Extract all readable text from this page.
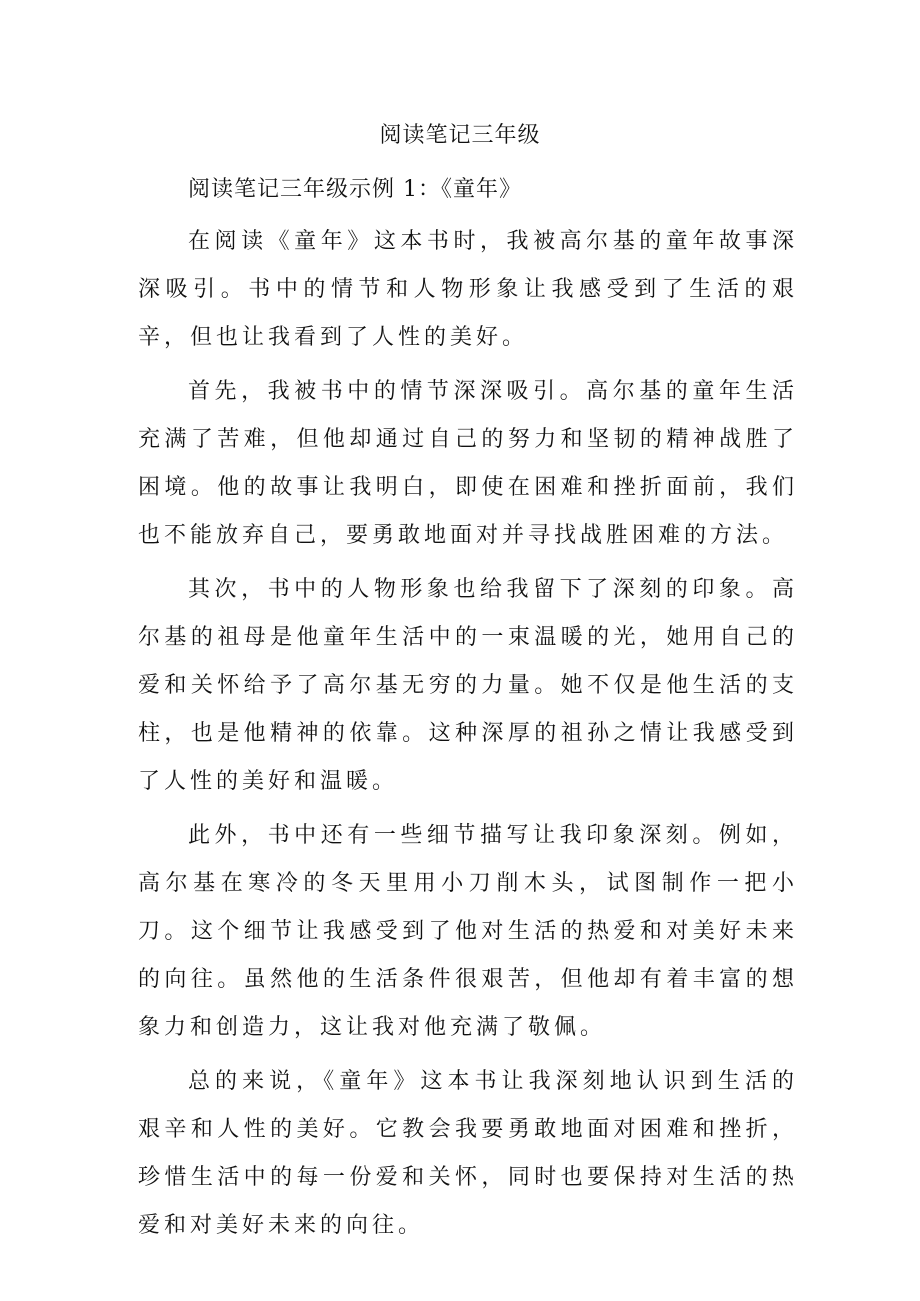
阅读笔记三年级
阅读笔记三年级示例 1：《童年》

在阅读《童年》这本书时，我被高尔基的童年故事深深吸引。书中的情节和人物形象让我感受到了生活的艰辛，但也让我看到了人性的美好。

首先，我被书中的情节深深吸引。高尔基的童年生活充满了苦难，但他却通过自己的努力和坚韧的精神战胜了困境。他的故事让我明白，即使在困难和挫折面前，我们也不能放弃自己，要勇敢地面对并寻找战胜困难的方法。

其次，书中的人物形象也给我留下了深刻的印象。高尔基的祖母是他童年生活中的一束温暖的光，她用自己的爱和关怀给予了高尔基无穷的力量。她不仅是他生活的支柱，也是他精神的依靠。这种深厚的祖孙之情让我感受到了人性的美好和温暖。

此外，书中还有一些细节描写让我印象深刻。例如，高尔基在寒冷的冬天里用小刀削木头，试图制作一把小刀。这个细节让我感受到了他对生活的热爱和对美好未来的向往。虽然他的生活条件很艰苦，但他却有着丰富的想象力和创造力，这让我对他充满了敬佩。

总的来说，《童年》这本书让我深刻地认识到生活的艰辛和人性的美好。它教会我要勇敢地面对困难和挫折，珍惜生活中的每一份爱和关怀，同时也要保持对生活的热爱和对美好未来的向往。
